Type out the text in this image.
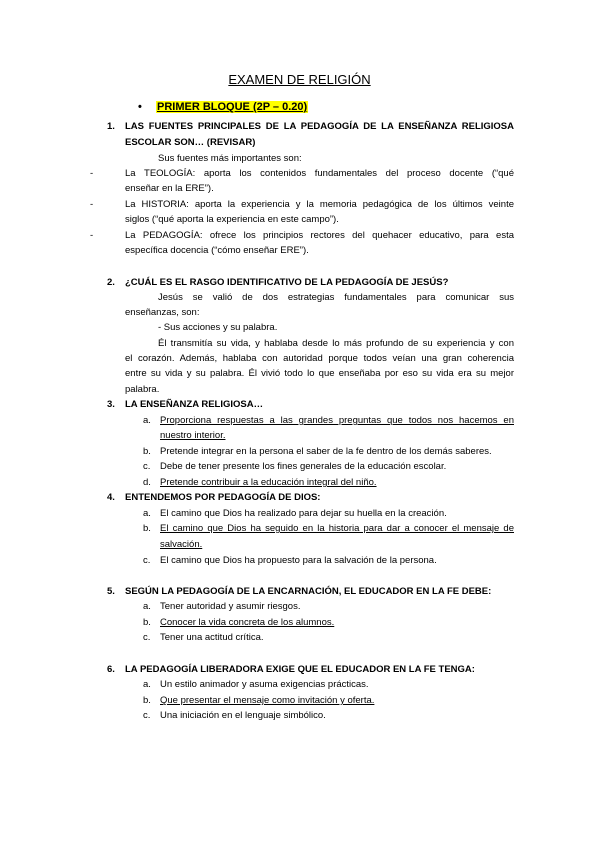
EXAMEN DE RELIGIÓN
• PRIMER BLOQUE (2P – 0.20)
1. LAS FUENTES PRINCIPALES DE LA PEDAGOGÍA DE LA ENSEÑANZA RELIGIOSA
ESCOLAR SON… (REVISAR)
Sus fuentes más importantes son:
-	La TEOLOGÍA: aporta los contenidos fundamentales del proceso docente (“qué
enseñar en la ERE”).
-	La HISTORIA: aporta la experiencia y la memoria pedagógica de los últimos veinte
siglos (“qué aporta la experiencia en este campo”).
-	La PEDAGOGÍA: ofrece los principios rectores del quehacer educativo, para esta
específica docencia (“cómo enseñar ERE”).
2. ¿CUÁL ES EL RASGO IDENTIFICATIVO DE LA PEDAGOGÍA DE JESÚS?
Jesús se valió de dos estrategias fundamentales para comunicar sus
enseñanzas, son:
- Sus acciones y su palabra.
Él transmitía su vida, y hablaba desde lo más profundo de su experiencia y con
el corazón. Además, hablaba con autoridad porque todos veían una gran coherencia
entre su vida y su palabra. Él vivió todo lo que enseñaba por eso su vida era su mejor
palabra.
3. LA ENSEÑANZA RELIGIOSA…
a. Proporciona respuestas a las grandes preguntas que todos nos hacemos en
nuestro interior.
b. Pretende integrar en la persona el saber de la fe dentro de los demás saberes.
c. Debe de tener presente los fines generales de la educación escolar.
d. Pretende contribuir a la educación integral del niño.
4. ENTENDEMOS POR PEDAGOGÍA DE DIOS:
a. El camino que Dios ha realizado para dejar su huella en la creación.
b. El camino que Dios ha seguido en la historia para dar a conocer el mensaje de
salvación.
c. El camino que Dios ha propuesto para la salvación de la persona.
5. SEGÚN LA PEDAGOGÍA DE LA ENCARNACIÓN, EL EDUCADOR EN LA FE DEBE:
a. Tener autoridad y asumir riesgos.
b. Conocer la vida concreta de los alumnos.
c. Tener una actitud crítica.
6. LA PEDAGOGÍA LIBERADORA EXIGE QUE EL EDUCADOR EN LA FE TENGA:
a. Un estilo animador y asuma exigencias prácticas.
b. Que presentar el mensaje como invitación y oferta.
c. Una iniciación en el lenguaje simbólico.
